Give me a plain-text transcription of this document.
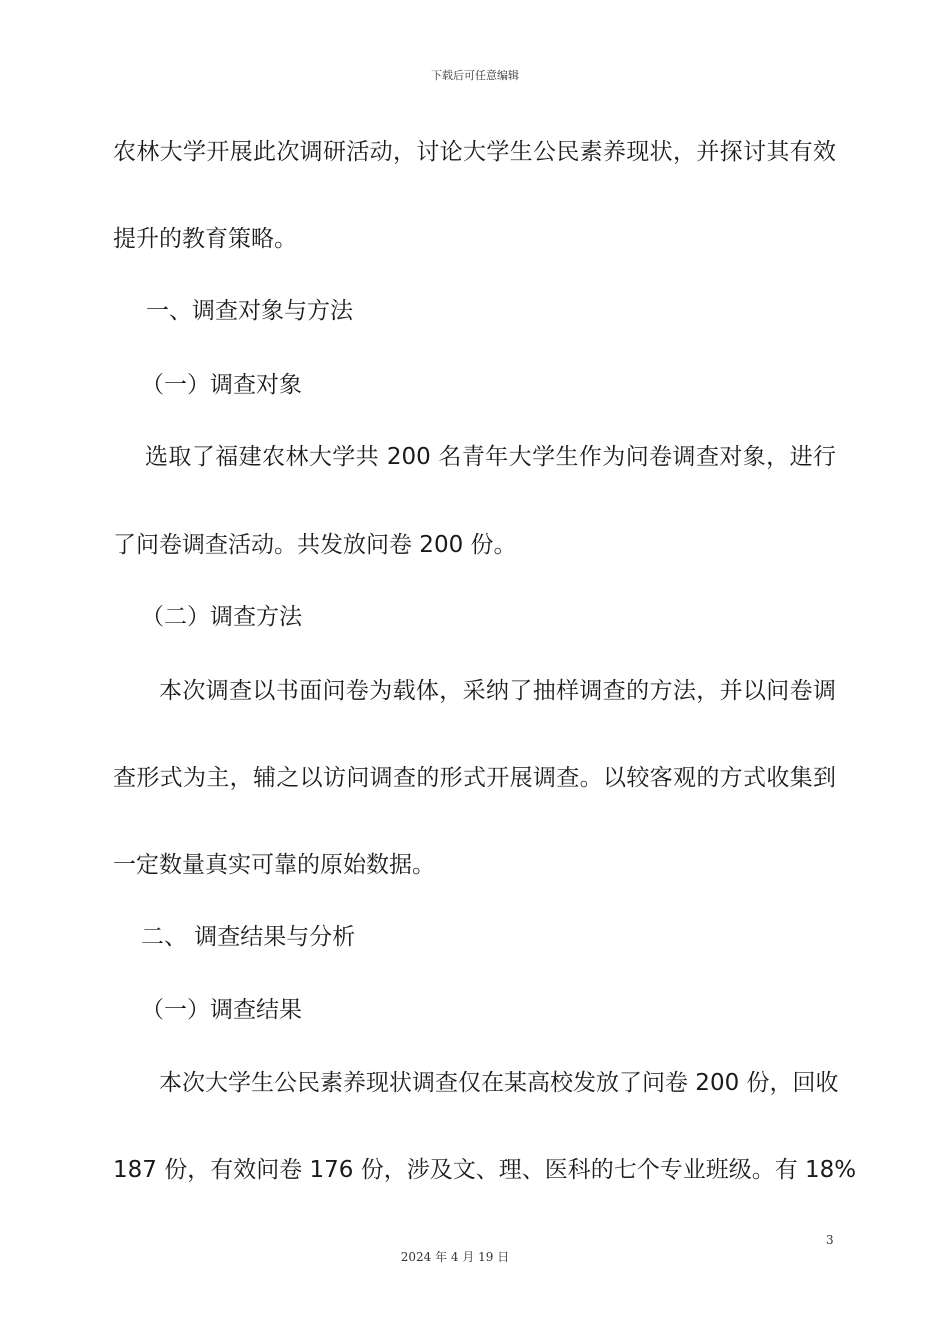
下载后可任意编辑
农林大学开展此次调研活动，讨论大学生公民素养现状，并探讨其有效
提升的教育策略。
一、调查对象与方法
（一）调查对象
选取了福建农林大学共 200 名青年大学生作为问卷调查对象，进行
了问卷调查活动。共发放问卷 200 份。
（二）调查方法
本次调查以书面问卷为载体，采纳了抽样调查的方法，并以问卷调
查形式为主，辅之以访问调查的形式开展调查。以较客观的方式收集到
一定数量真实可靠的原始数据。
二、 调查结果与分析
（一）调查结果
本次大学生公民素养现状调查仅在某高校发放了问卷 200 份，回收
187 份，有效问卷 176 份，涉及文、理、医科的七个专业班级。有 18%
3
2024 年 4 月 19 日
